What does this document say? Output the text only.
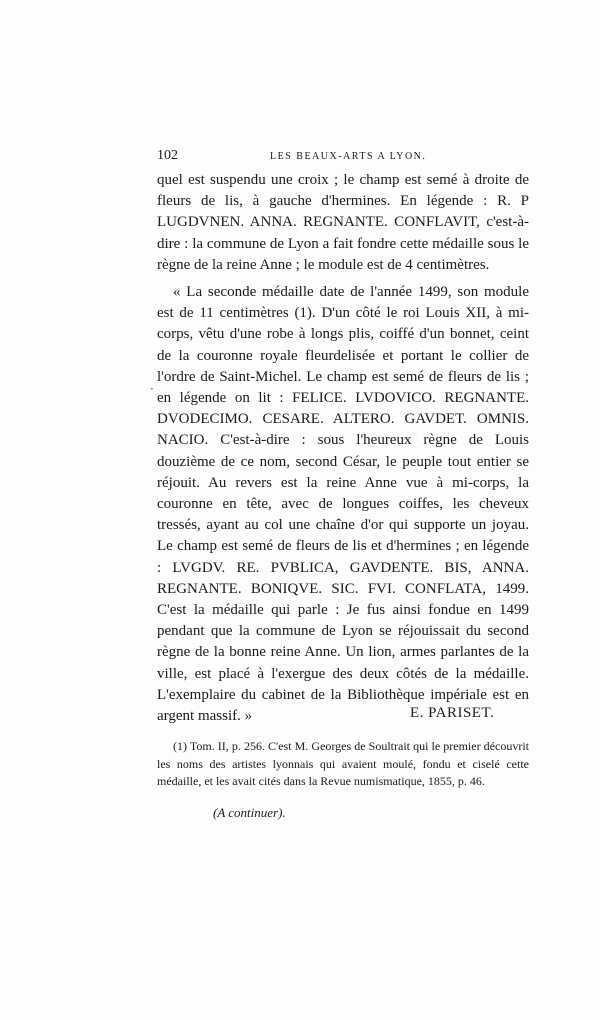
102	LES BEAUX-ARTS A LYON.
·

quel est suspendu une croix ; le champ est semé à droite de fleurs de lis, à gauche d'hermines. En légende : R. P LUGDVNEN. ANNA. REGNANTE. CONFLAVIT, c'est-à-dire : la commune de Lyon a fait fondre cette médaille sous le règne de la reine Anne ; le module est de 4 centimètres.

« La seconde médaille date de l'année 1499, son module est de 11 centimètres (1). D'un côté le roi Louis XII, à mi-corps, vêtu d'une robe à longs plis, coiffé d'un bonnet, ceint de la couronne royale fleurdelisée et portant le collier de l'ordre de Saint-Michel. Le champ est semé de fleurs de lis ; en légende on lit : FELICE. LVDOVICO. REGNANTE. DVODECIMO. CESARE. ALTERO. GAVDET. OMNIS. NACIO. C'est-à-dire : sous l'heureux règne de Louis douzième de ce nom, second César, le peuple tout entier se réjouit. Au revers est la reine Anne vue à mi-corps, la couronne en tête, avec de longues coiffes, les cheveux tressés, ayant au col une chaîne d'or qui supporte un joyau. Le champ est semé de fleurs de lis et d'hermines ; en légende : LVGDV. RE. PVBLICA, GAVDENTE. BIS, ANNA. REGNANTE. BONIQVE. SIC. FVI. CONFLATA, 1499. C'est la médaille qui parle : Je fus ainsi fondue en 1499 pendant que la commune de Lyon se réjouissait du second règne de la bonne reine Anne. Un lion, armes parlantes de la ville, est placé à l'exergue des deux côtés de la médaille. L'exemplaire du cabinet de la Bibliothèque impériale est en argent massif. »	E. PARISET.

(1) Tom. II, p. 256. C'est M. Georges de Soultrait qui le premier découvrit les noms des artistes lyonnais qui avaient moulé, fondu et ciselé cette médaille, et les avait cités dans la Revue numismatique, 1855, p. 46.

(A continuer).
